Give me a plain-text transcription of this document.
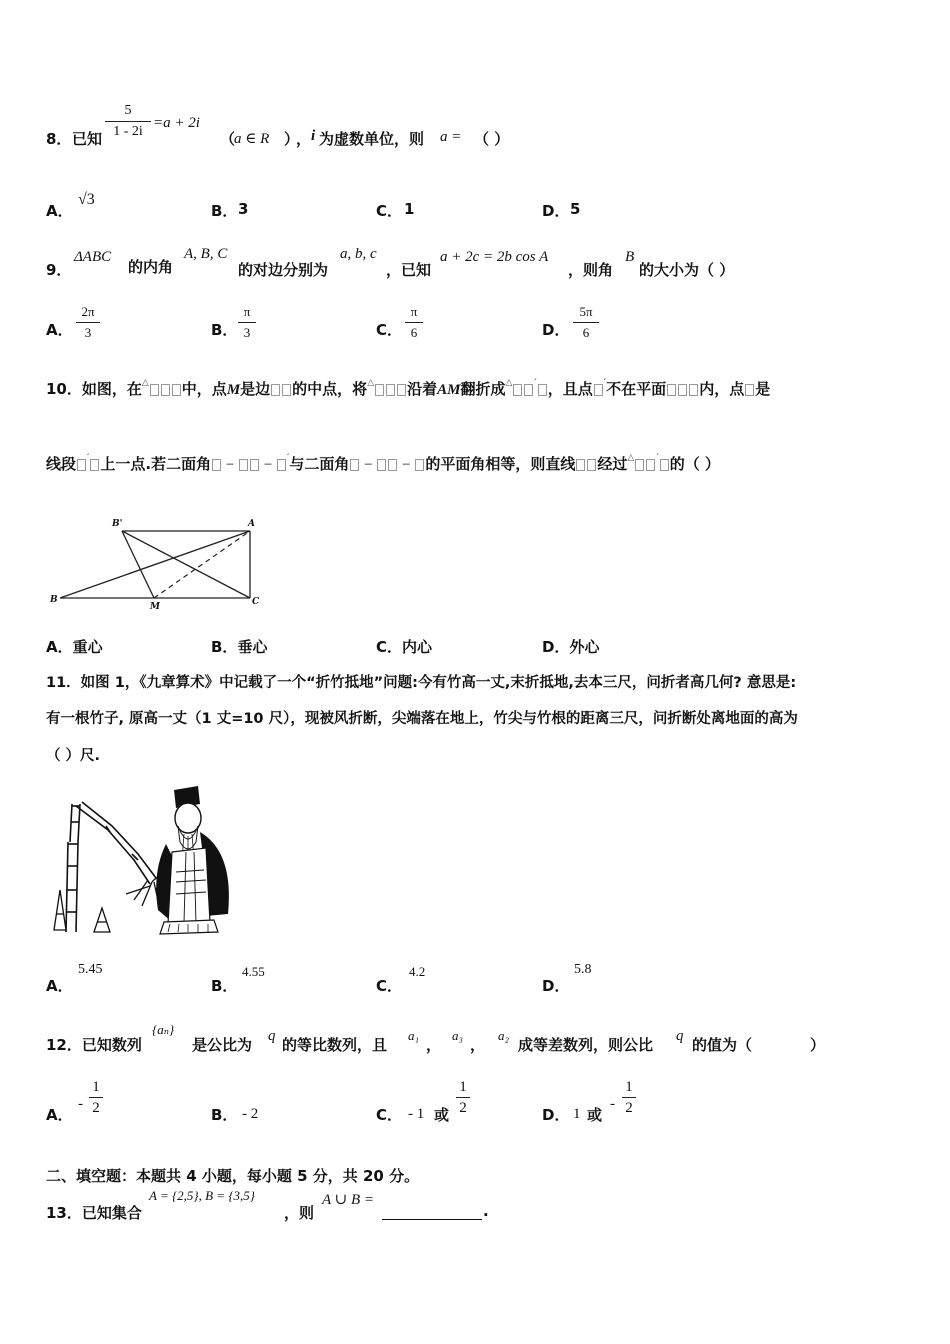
8． 已知
5
1 - 2i
=a + 2i
（
a ∈ R ）
， i 为虚数单位，则 a = （ ）
A．
√3
B． 3	C． 1	D． 5
9．
ΔABC
的内角
A, B, C
的对边分别为
a, b, c
，已知
a + 2c = 2b cos A
，则角
B
的大小为（ ）
A．
2π
3	B．
π
3	C．
π
6	D．
5π
6
10．如图，在△ 中，点M是边 的中点，将△ 沿着AM翻折成△ ′ ，且点 ′不在平面 内，点 是
线段 ′ 上一点.若二面角 −  − ′与二面角 −  − 的平面角相等，则直线 经过△ ′ 的（ ）
B'	A
B
M	C
A．重心	B．垂心	C．内心	D．外心
11．如图 1，《九章算术》中记载了一个“折竹抵地”问题:今有竹高一丈,末折抵地,去本三尺，问折者高几何? 意思是:
有一根竹子, 原高一丈（1 丈=10 尺），现被风折断，尖端落在地上，竹尖与竹根的距离三尺，问折断处离地面的高为
（ ）尺.
A．
5.45
B．
4.55
C．
4.2
D．
5.8
12．已知数列
{aₙ}
是公比为 q 的等比数列，且
a₁
，
a₃
，
a₂
成等差数列，则公比 q 的值为（	）
A．
-
1
2	B． - 2	C． - 1 或
1
2	D． 1 或
-
1
2
二、填空题：本题共 4 小题，每小题 5 分，共 20 分。
13．已知集合
A = {2,5}, B = {3,5}
，则
A ∪ B =
.
